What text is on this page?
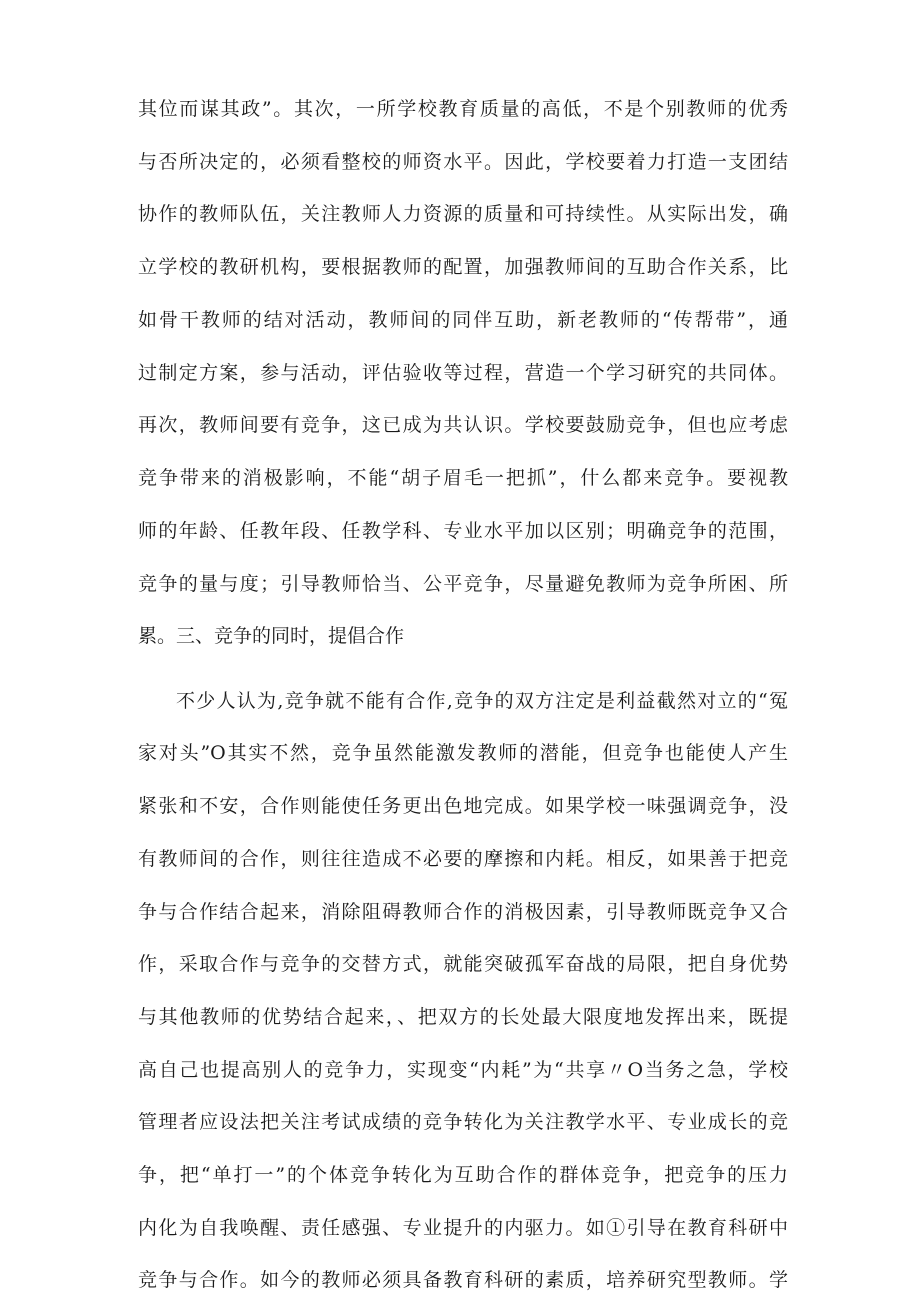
其位而谋其政”。其次，一所学校教育质量的高低，不是个别教师的优秀
与否所决定的，必须看整校的师资水平。因此，学校要着力打造一支团结
协作的教师队伍，关注教师人力资源的质量和可持续性。从实际出发，确
立学校的教研机构，要根据教师的配置，加强教师间的互助合作关系，比
如骨干教师的结对活动，教师间的同伴互助，新老教师的“传帮带”，通
过制定方案，参与活动，评估验收等过程，营造一个学习研究的共同体。
再次，教师间要有竞争，这已成为共认识。学校要鼓励竞争，但也应考虑
竞争带来的消极影响，不能“胡子眉毛一把抓”，什么都来竞争。要视教
师的年龄、任教年段、任教学科、专业水平加以区别；明确竞争的范围，
竞争的量与度；引导教师恰当、公平竞争，尽量避免教师为竞争所困、所
累。三、竞争的同时，提倡合作
不少人认为,竞争就不能有合作,竞争的双方注定是利益截然对立的“冤
家对头”O其实不然，竞争虽然能激发教师的潜能，但竞争也能使人产生
紧张和不安，合作则能使任务更出色地完成。如果学校一味强调竞争，没
有教师间的合作，则往往造成不必要的摩擦和内耗。相反，如果善于把竞
争与合作结合起来，消除阻碍教师合作的消极因素，引导教师既竞争又合
作，采取合作与竞争的交替方式，就能突破孤军奋战的局限，把自身优势
与其他教师的优势结合起来，、把双方的长处最大限度地发挥出来，既提
高自己也提高别人的竞争力，实现变“内耗”为“共享〃O当务之急，学校
管理者应设法把关注考试成绩的竞争转化为关注教学水平、专业成长的竞
争，把“单打一”的个体竞争转化为互助合作的群体竞争，把竞争的压力
内化为自我唤醒、责任感强、专业提升的内驱力。如①引导在教育科研中
竞争与合作。如今的教师必须具备教育科研的素质，培养研究型教师。学
